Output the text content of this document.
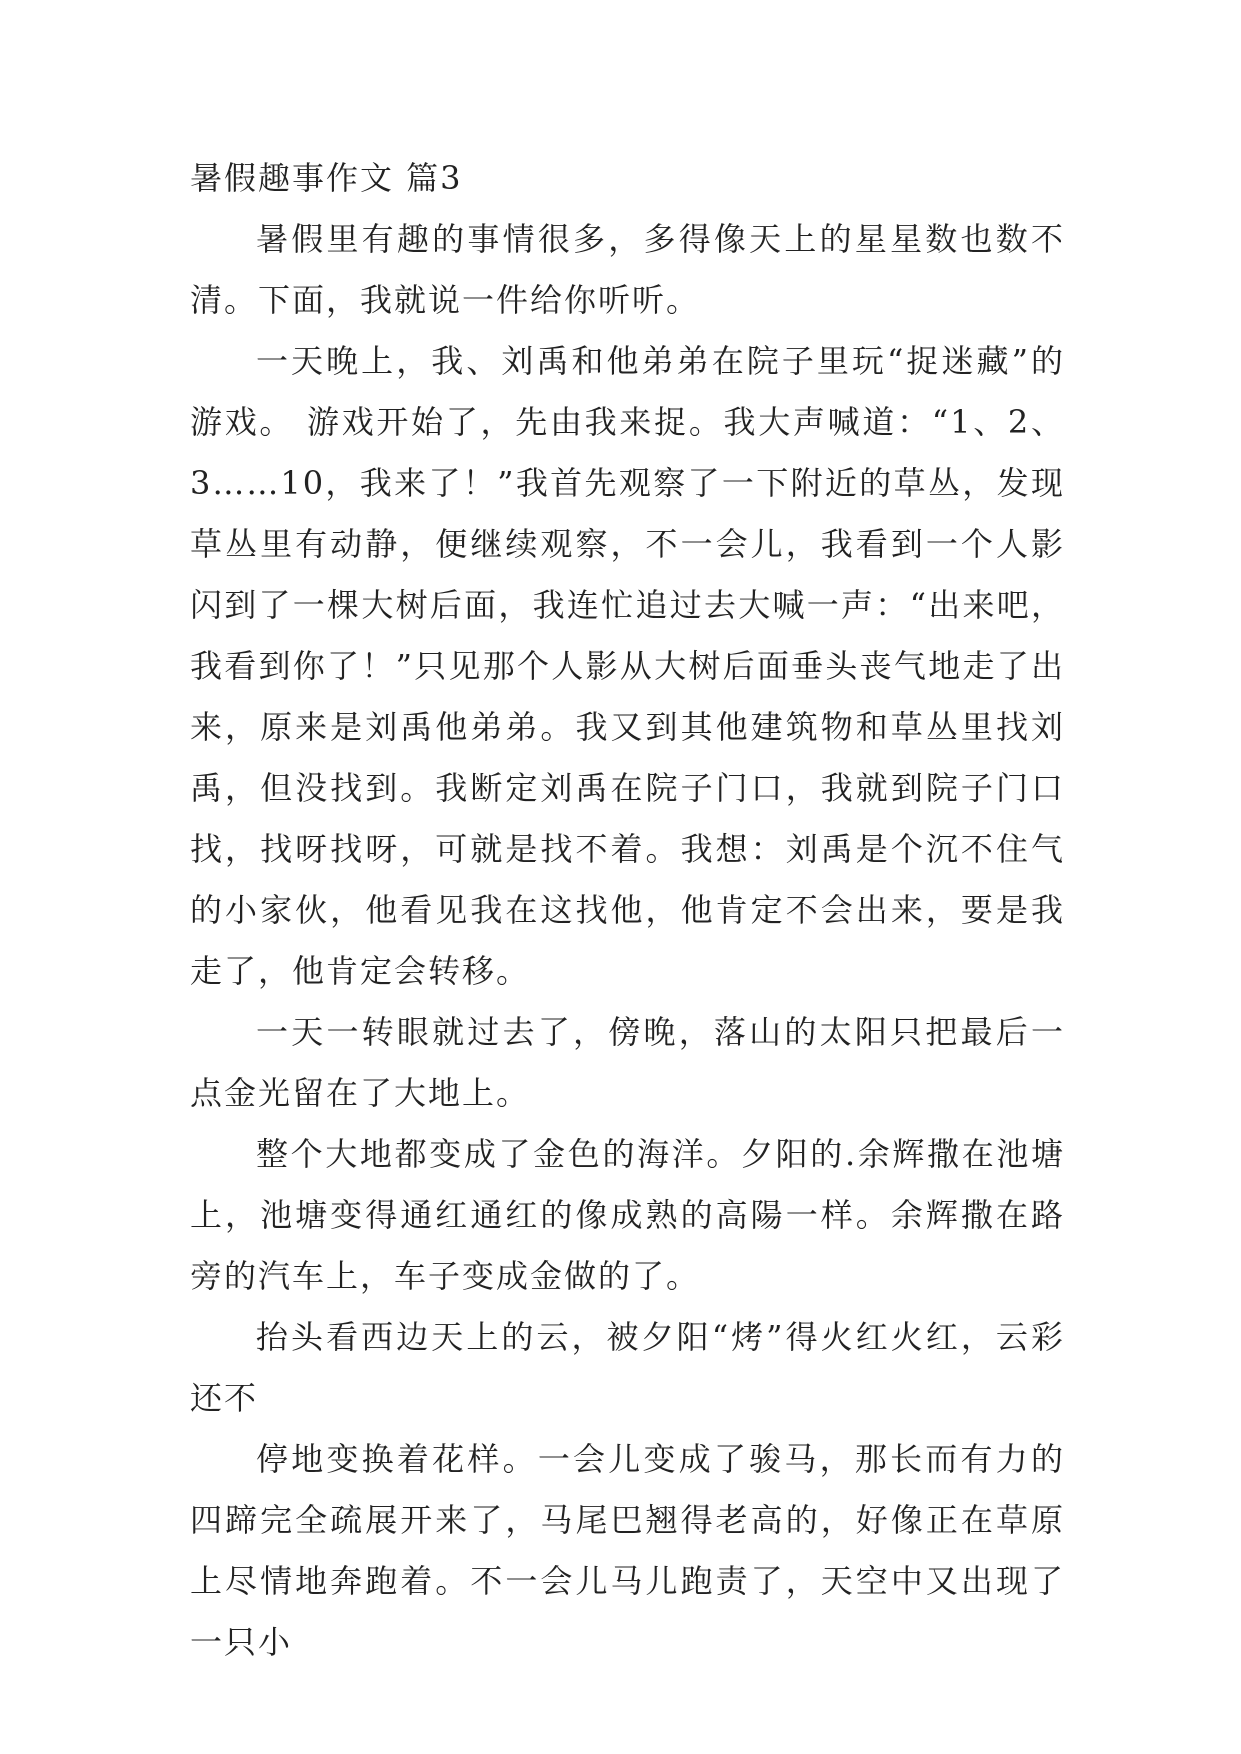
暑假趣事作文 篇3

暑假里有趣的事情很多，多得像天上的星星数也数不清。下面，我就说一件给你听听。

一天晚上，我、刘禹和他弟弟在院子里玩“捉迷藏”的游戏。 游戏开始了，先由我来捉。我大声喊道：“1、2、3……10，我来了！”我首先观察了一下附近的草丛，发现草丛里有动静，便继续观察，不一会儿，我看到一个人影闪到了一棵大树后面，我连忙追过去大喊一声：“出来吧，我看到你了！”只见那个人影从大树后面垂头丧气地走了出来，原来是刘禹他弟弟。我又到其他建筑物和草丛里找刘禹，但没找到。我断定刘禹在院子门口，我就到院子门口找，找呀找呀，可就是找不着。我想：刘禹是个沉不住气的小家伙，他看见我在这找他，他肯定不会出来，要是我走了，他肯定会转移。

一天一转眼就过去了，傍晚，落山的太阳只把最后一点金光留在了大地上。

整个大地都变成了金色的海洋。夕阳的.余辉撒在池塘上，池塘变得通红通红的像成熟的高陽一样。余辉撒在路旁的汽车上，车子变成金做的了。

抬头看西边天上的云，被夕阳“烤”得火红火红，云彩还不

停地变换着花样。一会儿变成了骏马，那长而有力的四蹄完全疏展开来了，马尾巴翘得老高的，好像正在草原上尽情地奔跑着。不一会儿马儿跑责了，天空中又出现了一只小
